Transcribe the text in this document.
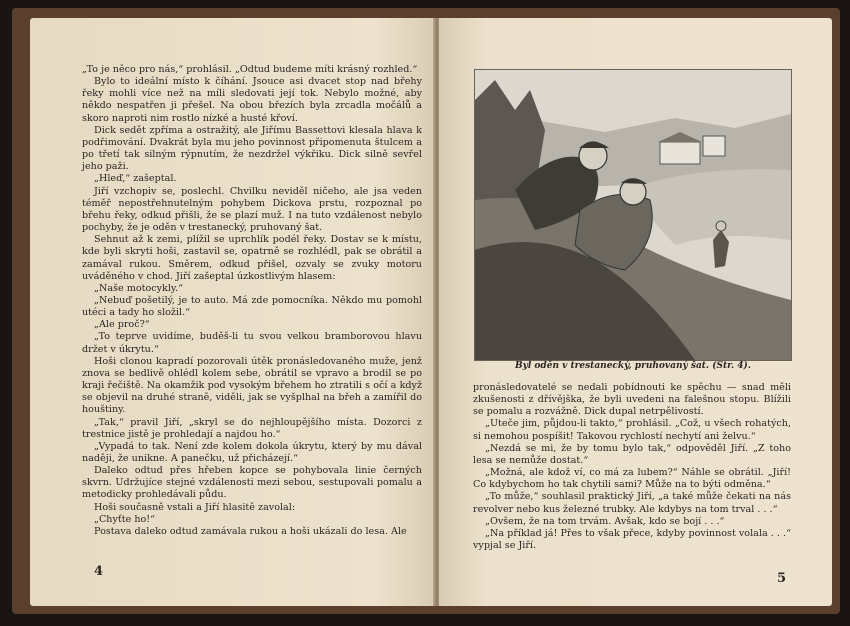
„To je něco pro nás,“ prohlásil. „Odtud budeme míti krásný rozhled.“

Bylo to ideální místo k číhání. Jsouce asi dvacet stop nad břehy řeky mohli více než na míli sledovati její tok. Nebylo možné, aby někdo nespatřen ji přešel. Na obou březích byla zrcadla močálů a skoro naproti nim rostlo nízké a husté křoví.

Dick sedět zpříma a ostražitý, ale Jiřímu Bassettovi klesala hlava k podřimování. Dvakrát byla mu jeho povinnost připomenuta štulcem a po třetí tak silným rýpnutím, že nezdržel výkřiku. Dick silně sevřel jeho paži.

„Hleď,“ zašeptal.

Jiří vzchopiv se, poslechl. Chvilku neviděl ničeho, ale jsa veden téměř nepostřehnutelným pohybem Dickova prstu, rozpoznal po břehu řeky, odkud přišli, že se plazí muž. I na tuto vzdálenost nebylo pochyby, že je oděn v trestanecký, pruhovaný šat.

Sehnut až k zemi, plížil se uprchlík podél řeky. Dostav se k místu, kde byli skryti hoši, zastavil se, opatrně se rozhlédl, pak se obrátil a zamával rukou. Směrem, odkud přišel, ozvaly se zvuky motoru uváděného v chod. Jiří zašeptal úzkostlivým hlasem:

„Naše motocykly.“

„Nebuď pošetilý, je to auto. Má zde pomocníka. Někdo mu pomohl utéci a tady ho složil.“

„Ale proč?“

„To teprve uvidíme, buděš-li tu svou velkou bramborovou hlavu držet v úkrytu.“

Hoši clonou kapradí pozorovali útěk pronásledovaného muže, jenž znova se bedlivě ohlédl kolem sebe, obrátil se vpravo a brodil se po kraji řečiště. Na okamžik pod vysokým břehem ho ztratili s očí a když se objevil na druhé straně, viděli, jak se vyšplhal na břeh a zamířil do houštiny.

„Tak,“ pravil Jiří, „skryl se do nejhloupějšího místa. Dozorci z trestnice jistě je prohledají a najdou ho.“

„Vypadá to tak. Není zde kolem dokola úkrytu, který by mu dával naději, že unikne. A panečku, už přicházejí.“

Daleko odtud přes hřeben kopce se pohybovala linie černých skvrn. Udržujíce stejné vzdálenosti mezi sebou, sestupovali pomalu a metodicky prohledávali půdu.

Hoši současně vstali a Jiří hlasitě zavolal:

„Chyťte ho!“

Postava daleko odtud zamávala rukou a hoši ukázali do lesa. Ale

4
Byl oděn v trestanecký, pruhovaný šat. (Str. 4).

pronásledovatelé se nedali pobídnouti ke spěchu — snad měli zkušenosti z dřívějška, že byli uvedeni na falešnou stopu. Blížili se pomalu a rozvážně. Dick dupal netrpělivostí.

„Uteče jim, půjdou-li takto,“ prohlásil. „Což, u všech rohatých, si nemohou pospíšit! Takovou rychlostí nechytí ani želvu.“

„Nezdá se mi, že by tomu bylo tak,“ odpověděl Jiří. „Z toho lesa se nemůže dostat.“

„Možná, ale kdož ví, co má za lubem?“ Náhle se obrátil. „Jiří! Co kdybychom ho tak chytili sami? Může na to býti odměna.“

„To může,“ souhlasil praktický Jiří, „a také může čekati na nás revolver nebo kus železné trubky. Ale kdybys na tom trval . . .“

„Ovšem, že na tom trvám. Avšak, kdo se bojí . . .“

„Na příklad já! Přes to však přece, kdyby povinnost volala . . .“ vypjal se Jiří.

5
